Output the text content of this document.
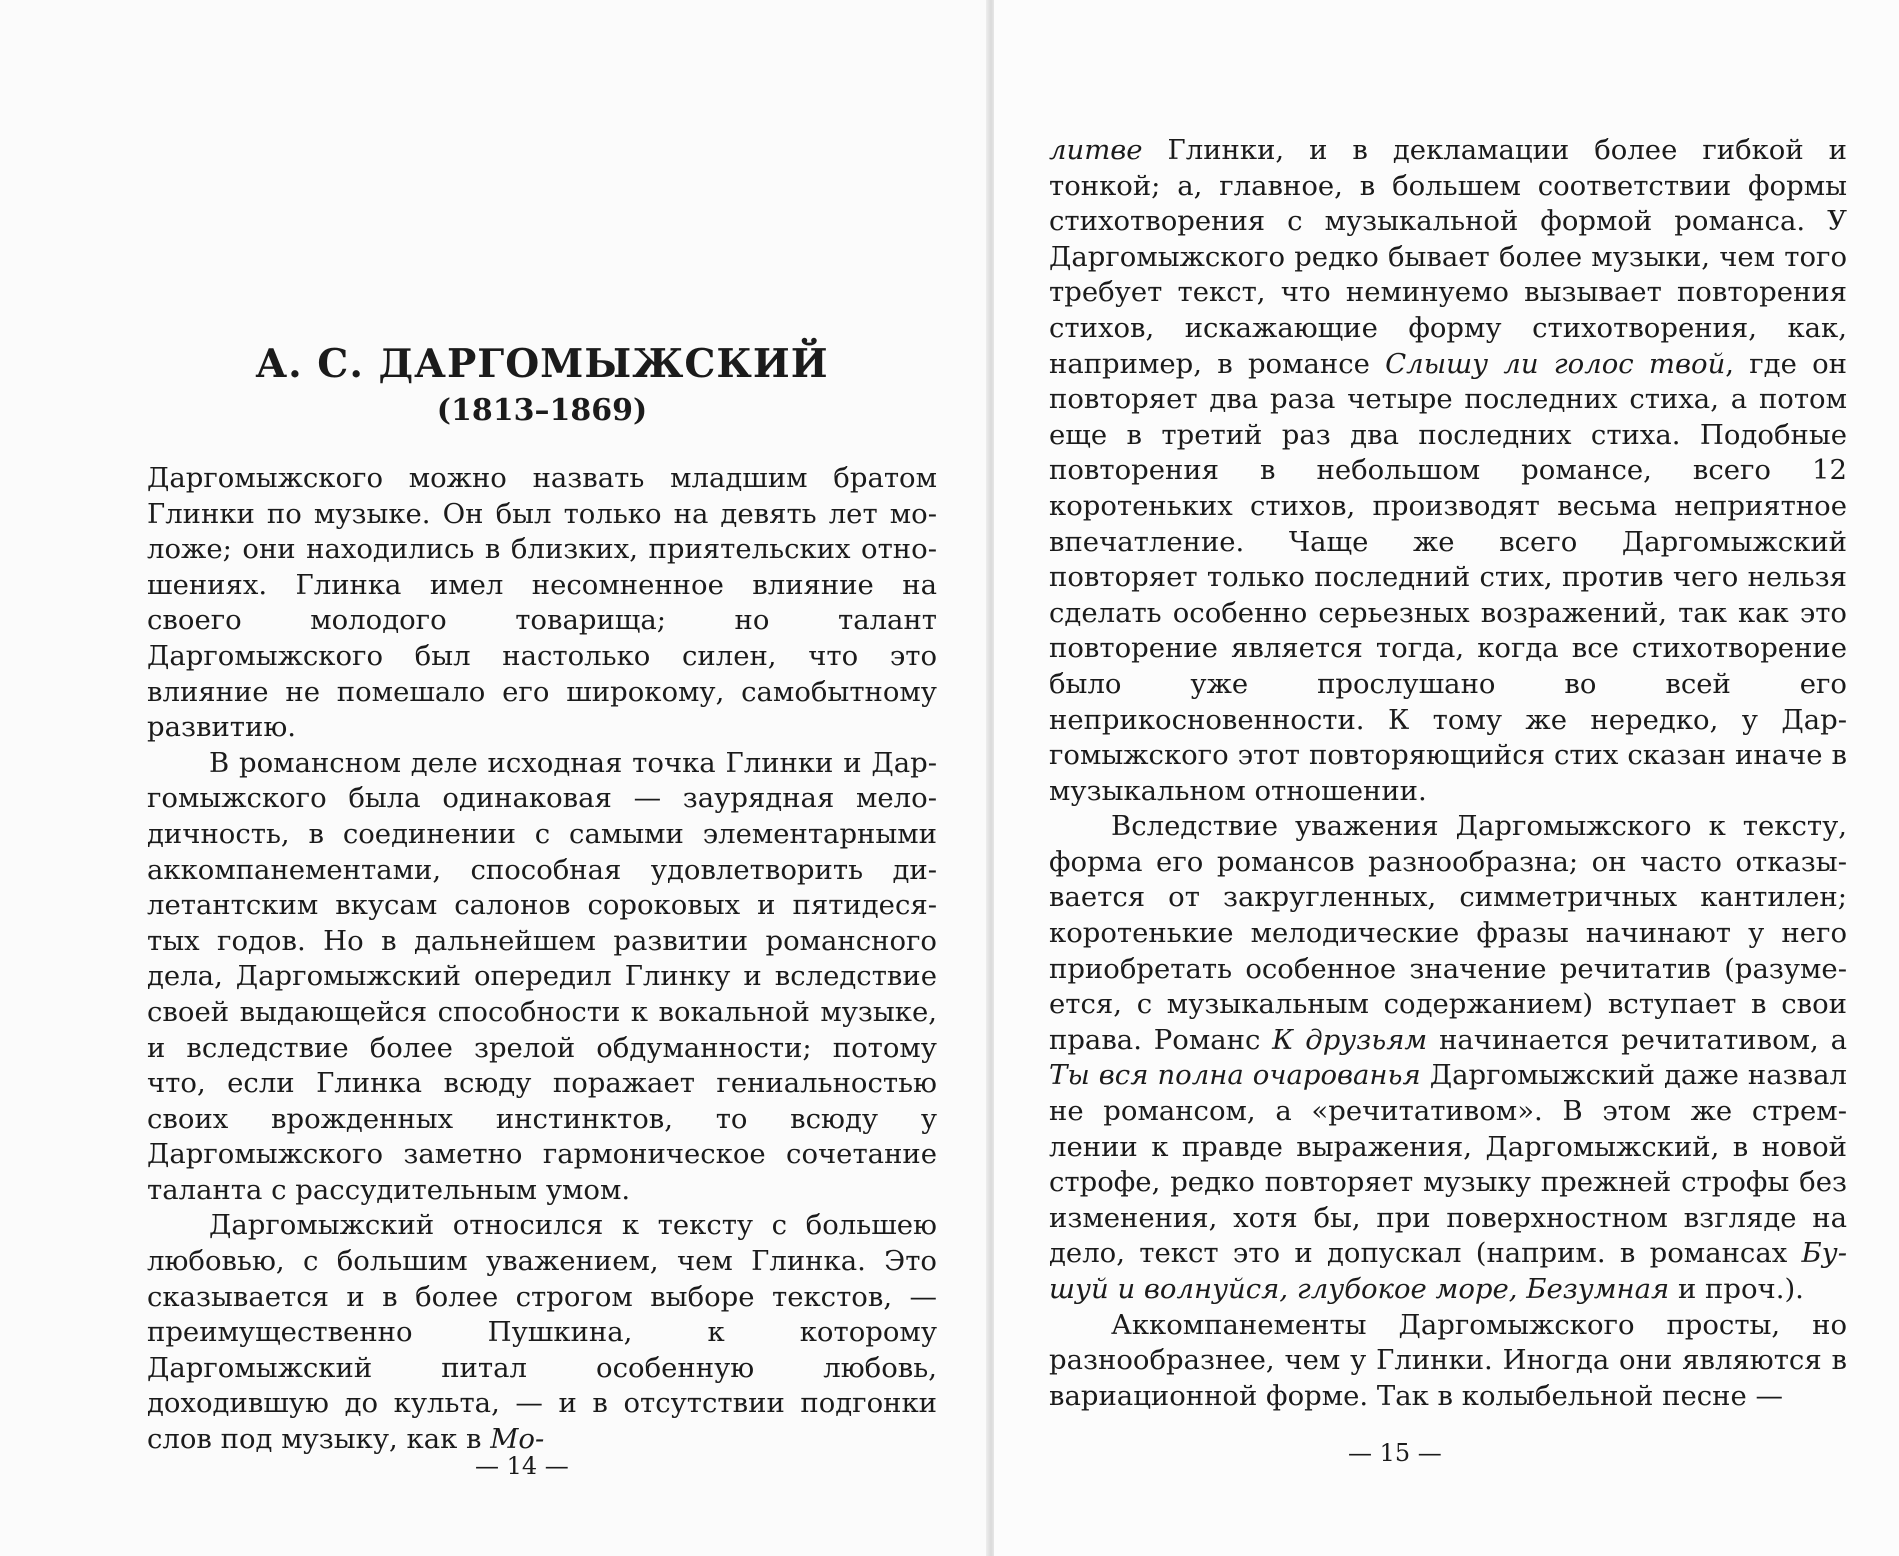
А. С. ДАРГОМЫЖСКИЙ
(1813–1869)

Даргомыжского можно назвать младшим братом Глинки по музыке. Он был только на девять лет моложе; они находились в близких, приятельских отношениях. Глинка имел несомненное влияние на своего молодого товарища; но талант Даргомыжского был настолько силен, что это влияние не помешало его широкому, самобытному развитию.

В романсном деле исходная точка Глинки и Даргомыжского была одинаковая — заурядная мелодичность, в соединении с самыми элементарными аккомпанементами, способная удовлетворить дилетантским вкусам салонов сороковых и пятидесятых годов. Но в дальнейшем развитии романсного дела, Даргомыжский опередил Глинку и вследствие своей выдающейся способности к вокальной музыке, и вследствие более зрелой обдуманности; потому что, если Глинка всюду поражает гениальностью своих врожденных инстинктов, то всюду у Даргомыжского заметно гармоническое сочетание таланта с рассудительным умом.

Даргомыжский относился к тексту с большею любовью, с большим уважением, чем Глинка. Это сказывается и в более строгом выборе текстов, — преимущественно Пушкина, к которому Даргомыжский питал особенную любовь, доходившую до культа, — и в отсутствии подгонки слов под музыку, как в Мо-

— 14 —

литве Глинки, и в декламации более гибкой и тонкой; а, главное, в большем соответствии формы стихотворения с музыкальной формой романса. У Даргомыжского редко бывает более музыки, чем того требует текст, что неминуемо вызывает повторения стихов, искажающие форму стихотворения, как, например, в романсе Слышу ли голос твой, где он повторяет два раза четыре последних стиха, а потом еще в третий раз два последних стиха. Подобные повторения в небольшом романсе, всего 12 коротеньких стихов, производят весьма неприятное впечатление. Чаще же всего Даргомыжский повторяет только последний стих, против чего нельзя сделать особенно серьезных возражений, так как это повторение является тогда, когда все стихотворение было уже прослушано во всей его неприкосновенности. К тому же нередко, у Даргомыжского этот повторяющийся стих сказан иначе в музыкальном отношении.

Вследствие уважения Даргомыжского к тексту, форма его романсов разнообразна; он часто отказывается от закругленных, симметричных кантилен; коротенькие мелодические фразы начинают у него приобретать особенное значение речитатив (разумеется, с музыкальным содержанием) вступает в свои права. Романс К друзьям начинается речитативом, а Ты вся полна очарованья Даргомыжский даже назвал не романсом, а «речитативом». В этом же стремлении к правде выражения, Даргомыжский, в новой строфе, редко повторяет музыку прежней строфы без изменения, хотя бы, при поверхностном взгляде на дело, текст это и допускал (наприм. в романсах Бушуй и волнуйся, глубокое море, Безумная и проч.).

Аккомпанементы Даргомыжского просты, но разнообразнее, чем у Глинки. Иногда они являются в вариационной форме. Так в колыбельной песне —

— 15 —
